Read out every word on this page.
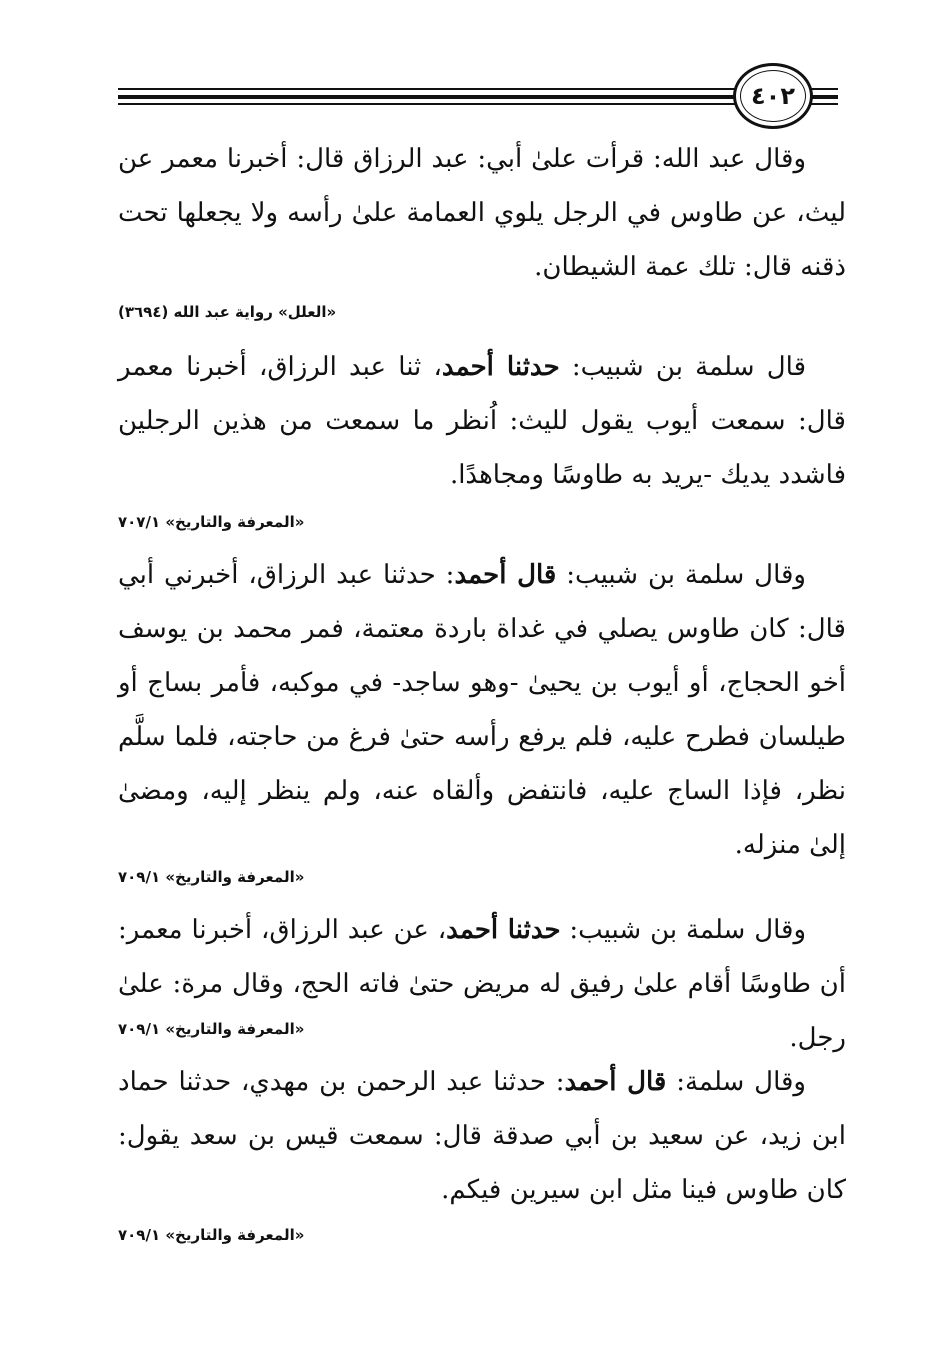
٤٠٢
وقال عبد الله: قرأت علىٰ أبي: عبد الرزاق قال: أخبرنا معمر عن ليث، عن طاوس في الرجل يلوي العمامة علىٰ رأسه ولا يجعلها تحت ذقنه قال: تلك عمة الشيطان.
«العلل» رواية عبد الله (٣٦٩٤)
قال سلمة بن شبيب: حدثنا أحمد، ثنا عبد الرزاق، أخبرنا معمر قال: سمعت أيوب يقول لليث: اُنظر ما سمعت من هذين الرجلين فاشدد يديك -يريد به طاوسًا ومجاهدًا.
«المعرفة والتاريخ» ٧٠٧/١
وقال سلمة بن شبيب: قال أحمد: حدثنا عبد الرزاق، أخبرني أبي قال: كان طاوس يصلي في غداة باردة معتمة، فمر محمد بن يوسف أخو الحجاج، أو أيوب بن يحيىٰ -وهو ساجد- في موكبه، فأمر بساج أو طيلسان فطرح عليه، فلم يرفع رأسه حتىٰ فرغ من حاجته، فلما سلَّم نظر، فإذا الساج عليه، فانتفض وألقاه عنه، ولم ينظر إليه، ومضىٰ إلىٰ منزله.
«المعرفة والتاريخ» ٧٠٩/١
وقال سلمة بن شبيب: حدثنا أحمد، عن عبد الرزاق، أخبرنا معمر: أن طاوسًا أقام علىٰ رفيق له مريض حتىٰ فاته الحج، وقال مرة: علىٰ رجل.
«المعرفة والتاريخ» ٧٠٩/١
وقال سلمة: قال أحمد: حدثنا عبد الرحمن بن مهدي، حدثنا حماد ابن زيد، عن سعيد بن أبي صدقة قال: سمعت قيس بن سعد يقول: كان طاوس فينا مثل ابن سيرين فيكم.
«المعرفة والتاريخ» ٧٠٩/١
